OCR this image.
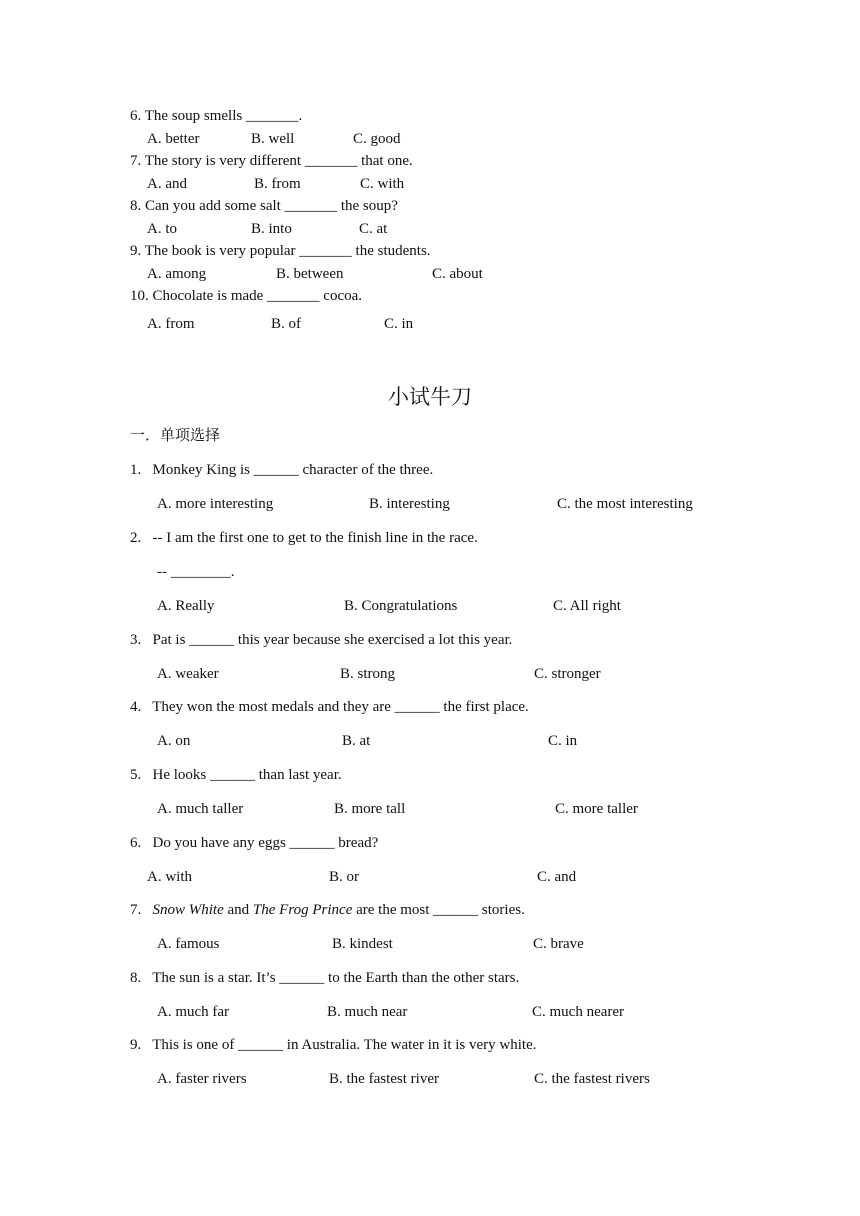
6. The soup smells _______.
A. better	B. well	C. good
7. The story is very different _______ that one.
A. and	B. from	C. with
8. Can you add some salt _______ the soup?
A. to	B. into	C. at
9. The book is very popular _______ the students.
A. among	B. between	C. about
10. Chocolate is made _______ cocoa.
A. from	B. of	C. in
小试牛刀
一．单项选择
1. Monkey King is ______ character of the three.
A. more interesting	B. interesting	C. the most interesting
2. -- I am the first one to get to the finish line in the race.
-- ________.
A. Really	B. Congratulations	C. All right
3. Pat is ______ this year because she exercised a lot this year.
A. weaker	B. strong	C. stronger
4. They won the most medals and they are ______ the first place.
A. on	B. at	C. in
5. He looks ______ than last year.
A. much taller	B. more tall	C. more taller
6. Do you have any eggs ______ bread?
A. with	B. or	C. and
7. Snow White and The Frog Prince are the most ______ stories.
A. famous	B. kindest	C. brave
8. The sun is a star. It’s ______ to the Earth than the other stars.
A. much far	B. much near	C. much nearer
9. This is one of ______ in Australia. The water in it is very white.
A. faster rivers	B. the fastest river	C. the fastest rivers
